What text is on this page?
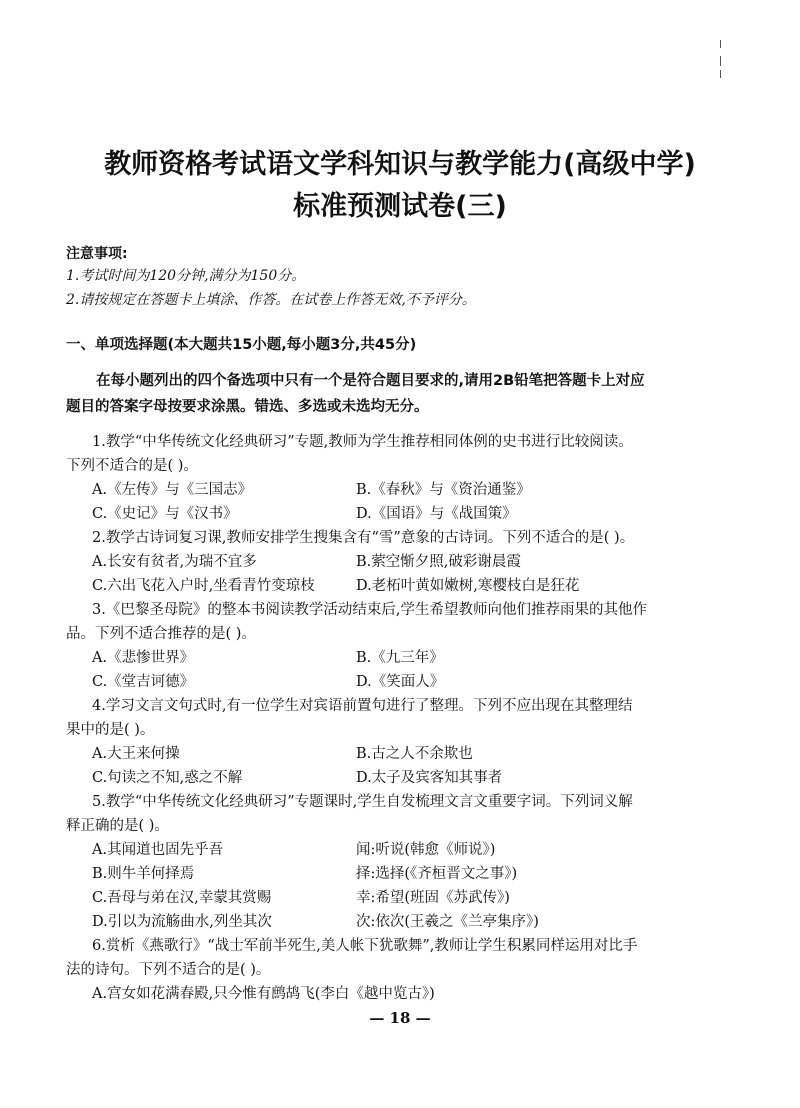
教师资格考试语文学科知识与教学能力(高级中学)
标准预测试卷(三)
注意事项:
1.考试时间为120分钟,满分为150分。
2.请按规定在答题卡上填涂、作答。在试卷上作答无效,不予评分。
一、单项选择题(本大题共15小题,每小题3分,共45分)
在每小题列出的四个备选项中只有一个是符合题目要求的,请用2B铅笔把答题卡上对应
题目的答案字母按要求涂黑。错选、多选或未选均无分。
1.教学“中华传统文化经典研习”专题,教师为学生推荐相同体例的史书进行比较阅读。
下列不适合的是( )。
A.《左传》与《三国志》	B.《春秋》与《资治通鉴》
C.《史记》与《汉书》	D.《国语》与《战国策》
2.教学古诗词复习课,教师安排学生搜集含有“雪”意象的古诗词。下列不适合的是( )。
A.长安有贫者,为瑞不宜多	B.萦空惭夕照,破彩谢晨霞
C.六出飞花入户时,坐看青竹变琼枝	D.老柘叶黄如嫩树,寒樱枝白是狂花
3.《巴黎圣母院》的整本书阅读教学活动结束后,学生希望教师向他们推荐雨果的其他作
品。下列不适合推荐的是( )。
A.《悲惨世界》	B.《九三年》
C.《堂吉诃德》	D.《笑面人》
4.学习文言文句式时,有一位学生对宾语前置句进行了整理。下列不应出现在其整理结
果中的是( )。
A.大王来何操	B.古之人不余欺也
C.句读之不知,惑之不解	D.太子及宾客知其事者
5.教学“中华传统文化经典研习”专题课时,学生自发梳理文言文重要字词。下列词义解
释正确的是( )。
A.其闻道也固先乎吾	闻:听说(韩愈《师说》)
B.则牛羊何择焉	择:选择(《齐桓晋文之事》)
C.吾母与弟在汉,幸蒙其赏赐	幸:希望(班固《苏武传》)
D.引以为流觞曲水,列坐其次	次:依次(王羲之《兰亭集序》)
6.赏析《燕歌行》“战士军前半死生,美人帐下犹歌舞”,教师让学生积累同样运用对比手
法的诗句。下列不适合的是( )。
A.宫女如花满春殿,只今惟有鹧鸪飞(李白《越中览古》)
— 18 —
